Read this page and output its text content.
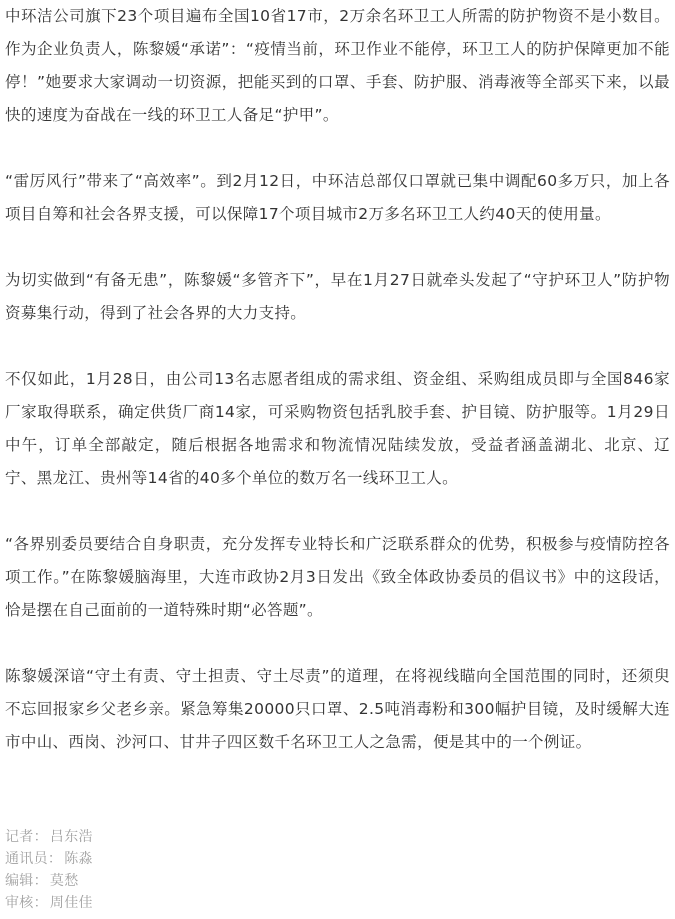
中环洁公司旗下23个项目遍布全国10省17市，2万余名环卫工人所需的防护物资不是小数目。作为企业负责人，陈黎媛“承诺”：“疫情当前，环卫作业不能停，环卫工人的防护保障更加不能停！”她要求大家调动一切资源，把能买到的口罩、手套、防护服、消毒液等全部买下来，以最快的速度为奋战在一线的环卫工人备足“护甲”。

“雷厉风行”带来了“高效率”。到2月12日，中环洁总部仅口罩就已集中调配60多万只，加上各项目自筹和社会各界支援，可以保障17个项目城市2万多名环卫工人约40天的使用量。

为切实做到“有备无患”，陈黎媛“多管齐下”，早在1月27日就牵头发起了“守护环卫人”防护物资募集行动，得到了社会各界的大力支持。

不仅如此，1月28日，由公司13名志愿者组成的需求组、资金组、采购组成员即与全国846家厂家取得联系，确定供货厂商14家，可采购物资包括乳胶手套、护目镜、防护服等。1月29日中午，订单全部敲定，随后根据各地需求和物流情况陆续发放，受益者涵盖湖北、北京、辽宁、黑龙江、贵州等14省的40多个单位的数万名一线环卫工人。

“各界别委员要结合自身职责，充分发挥专业特长和广泛联系群众的优势，积极参与疫情防控各项工作。”在陈黎媛脑海里，大连市政协2月3日发出《致全体政协委员的倡议书》中的这段话，恰是摆在自己面前的一道特殊时期“必答题”。

陈黎媛深谙“守土有责、守土担责、守土尽责”的道理，在将视线瞄向全国范围的同时，还须臾不忘回报家乡父老乡亲。紧急筹集20000只口罩、2.5吨消毒粉和300幅护目镜，及时缓解大连市中山、西岗、沙河口、甘井子四区数千名环卫工人之急需，便是其中的一个例证。

记者： 吕东浩
通讯员： 陈淼
编辑： 莫愁
审核： 周佳佳
